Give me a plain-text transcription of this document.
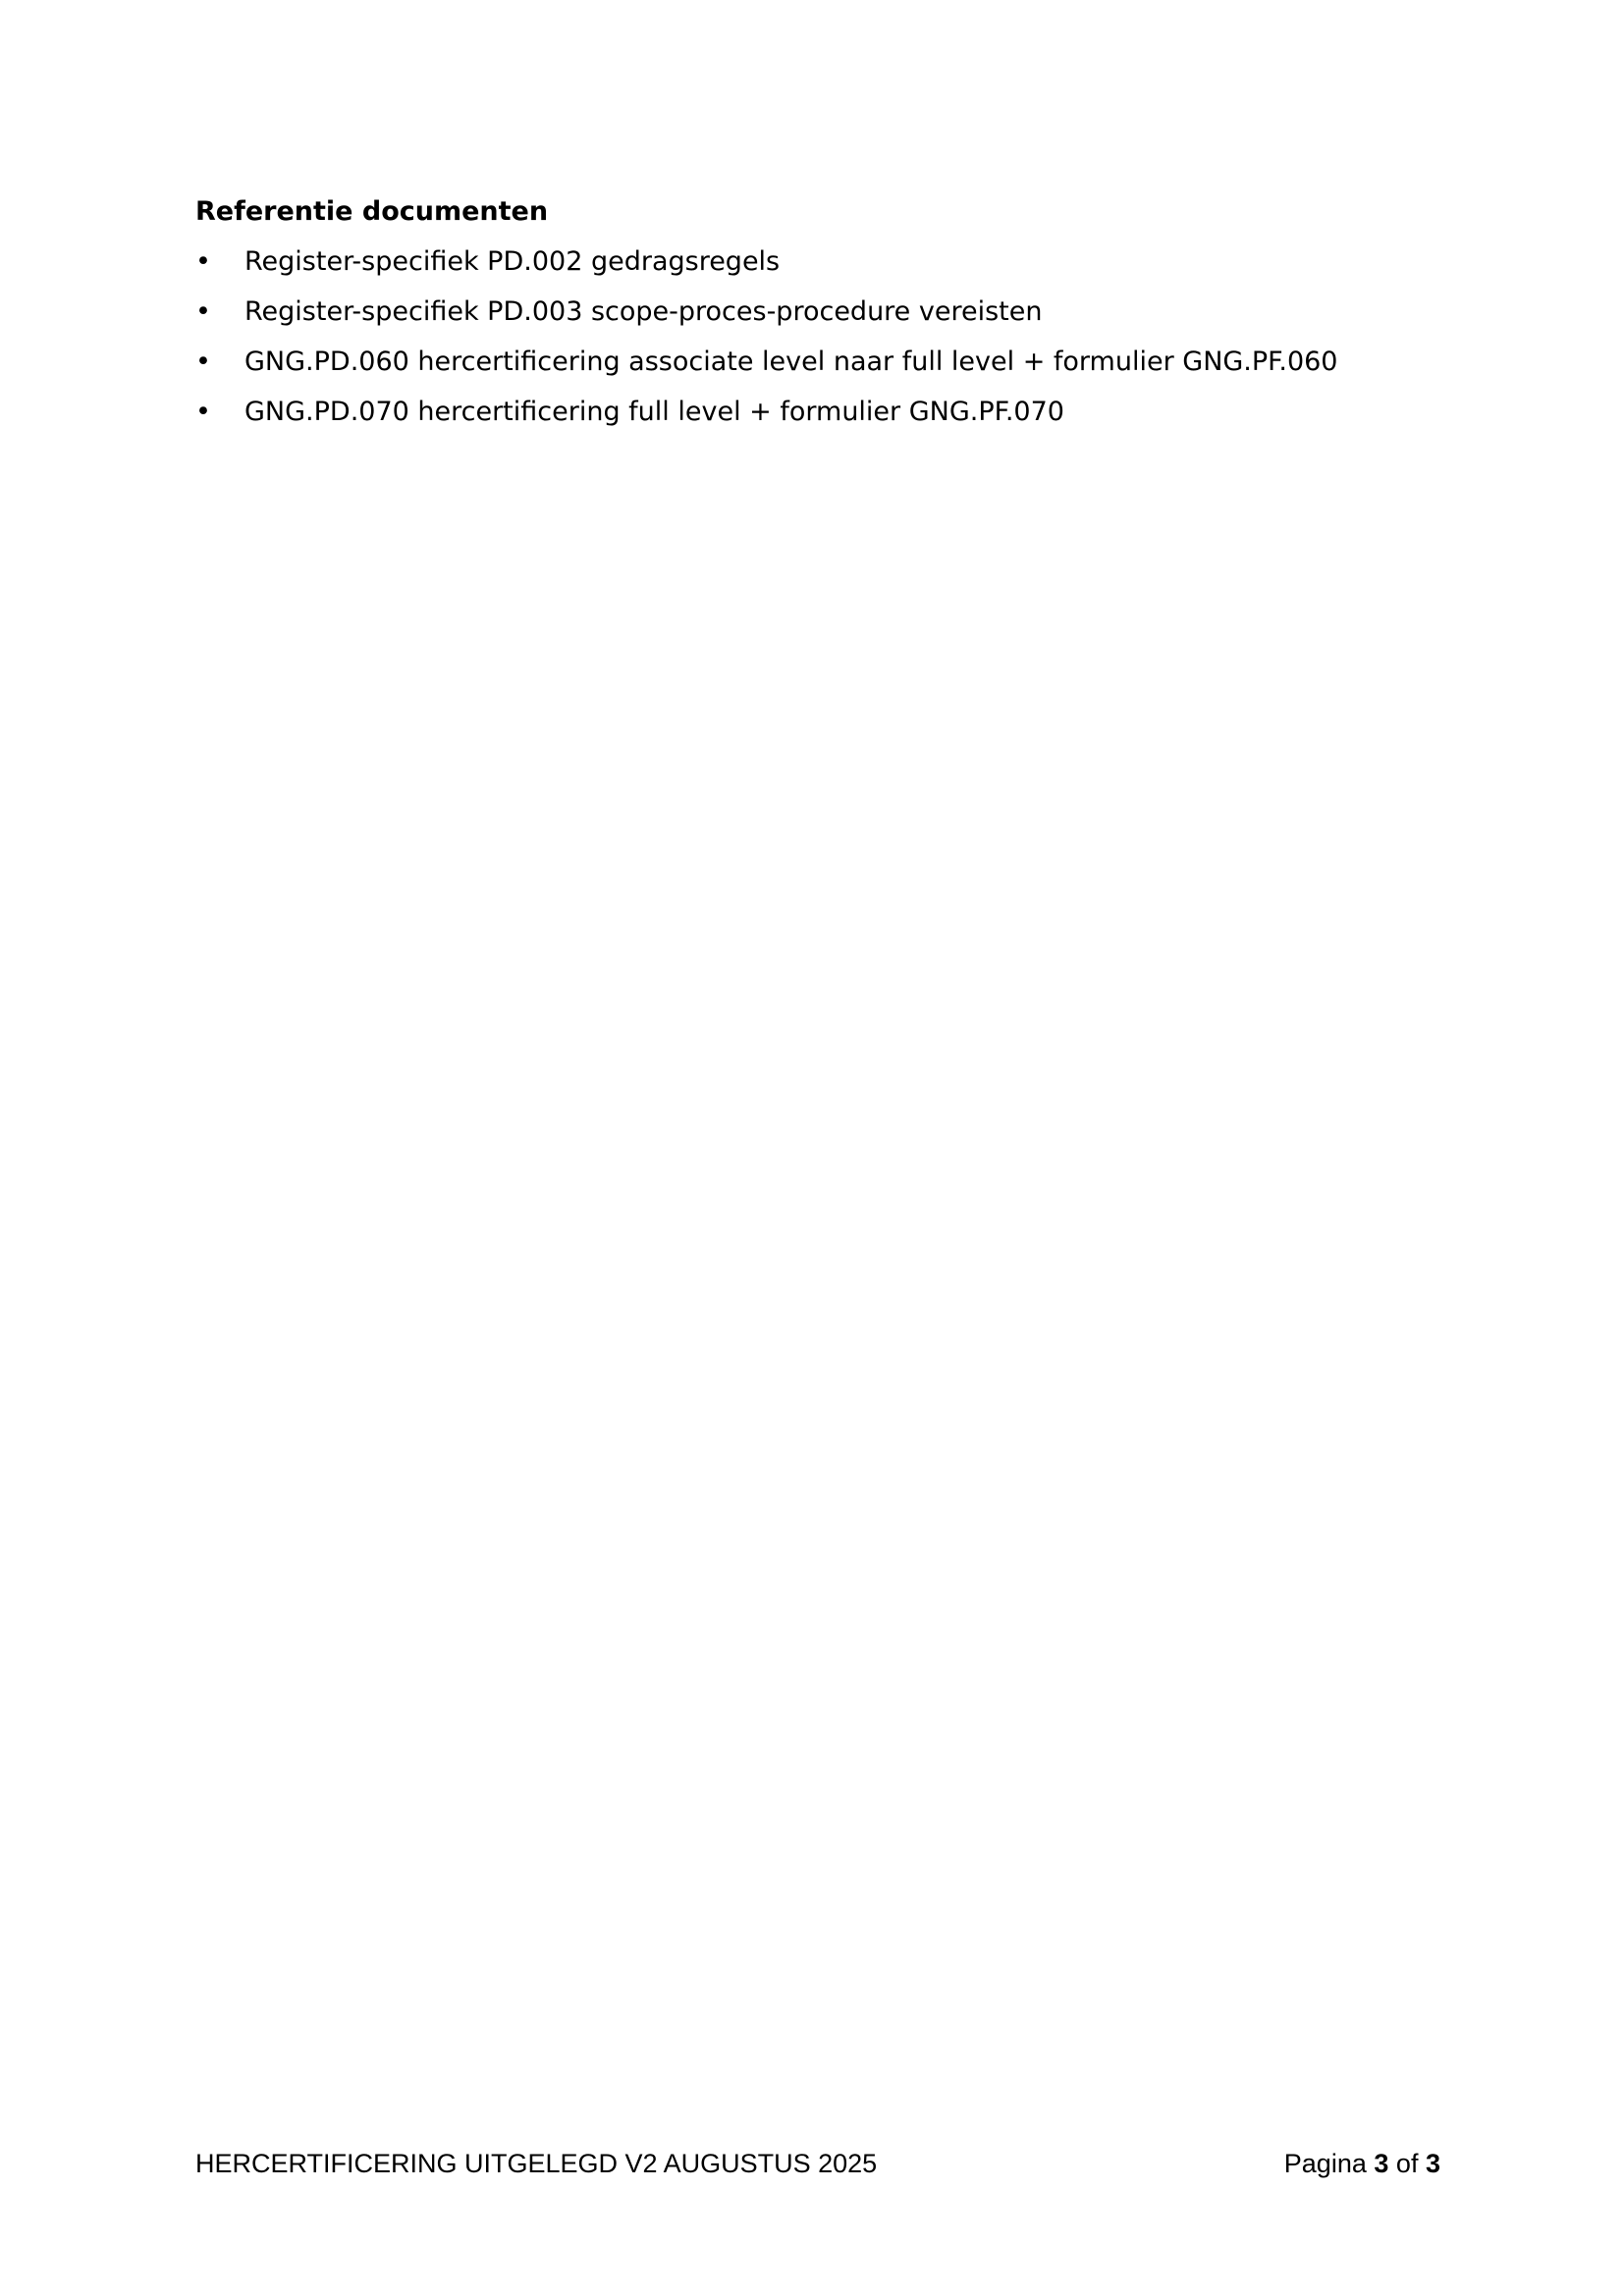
Referentie documenten
• Register-specifiek PD.002 gedragsregels
• Register-specifiek PD.003 scope-proces-procedure vereisten
• GNG.PD.060 hercertificering associate level naar full level + formulier GNG.PF.060
• GNG.PD.070 hercertificering full level + formulier GNG.PF.070
HERCERTIFICERING UITGELEGD V2 AUGUSTUS 2025	Pagina 3 of 3
